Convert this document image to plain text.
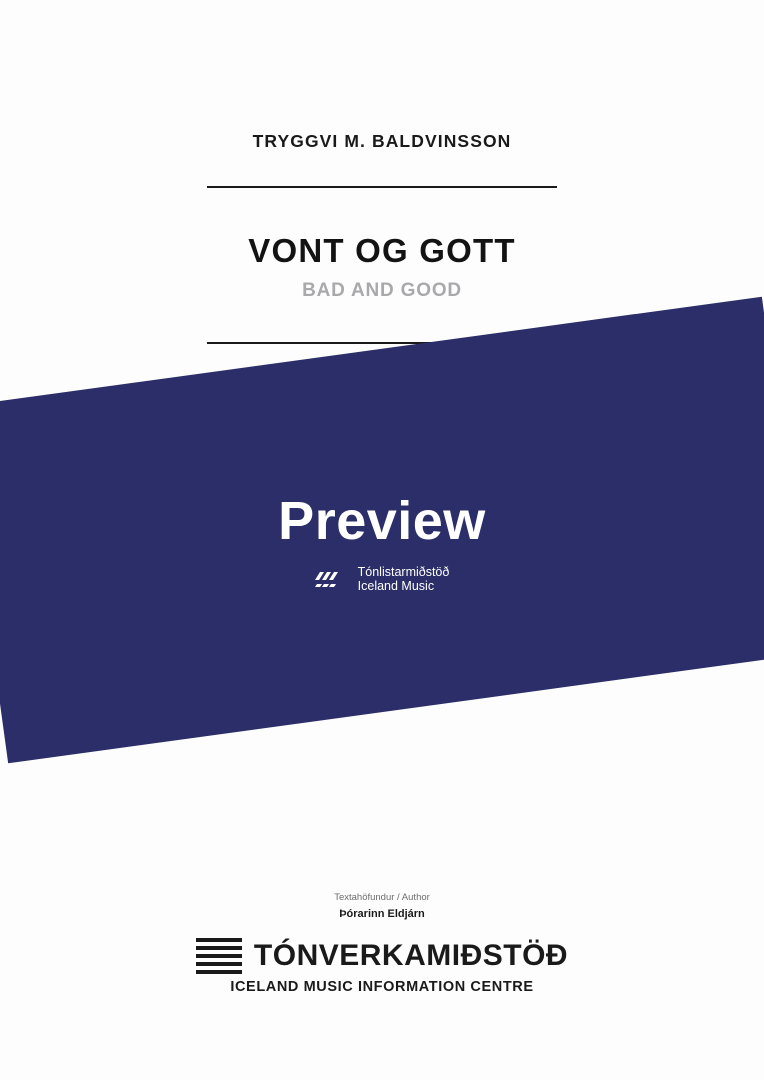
TRYGGVI M. BALDVINSSON
VONT OG GOTT
BAD AND GOOD
Preview
Tónlistarmiðstöð
Iceland Music
Textahöfundur / Author
Þórarinn Eldjárn
TÓNVERKAMIÐSTÖÐ
ICELAND MUSIC INFORMATION CENTRE
